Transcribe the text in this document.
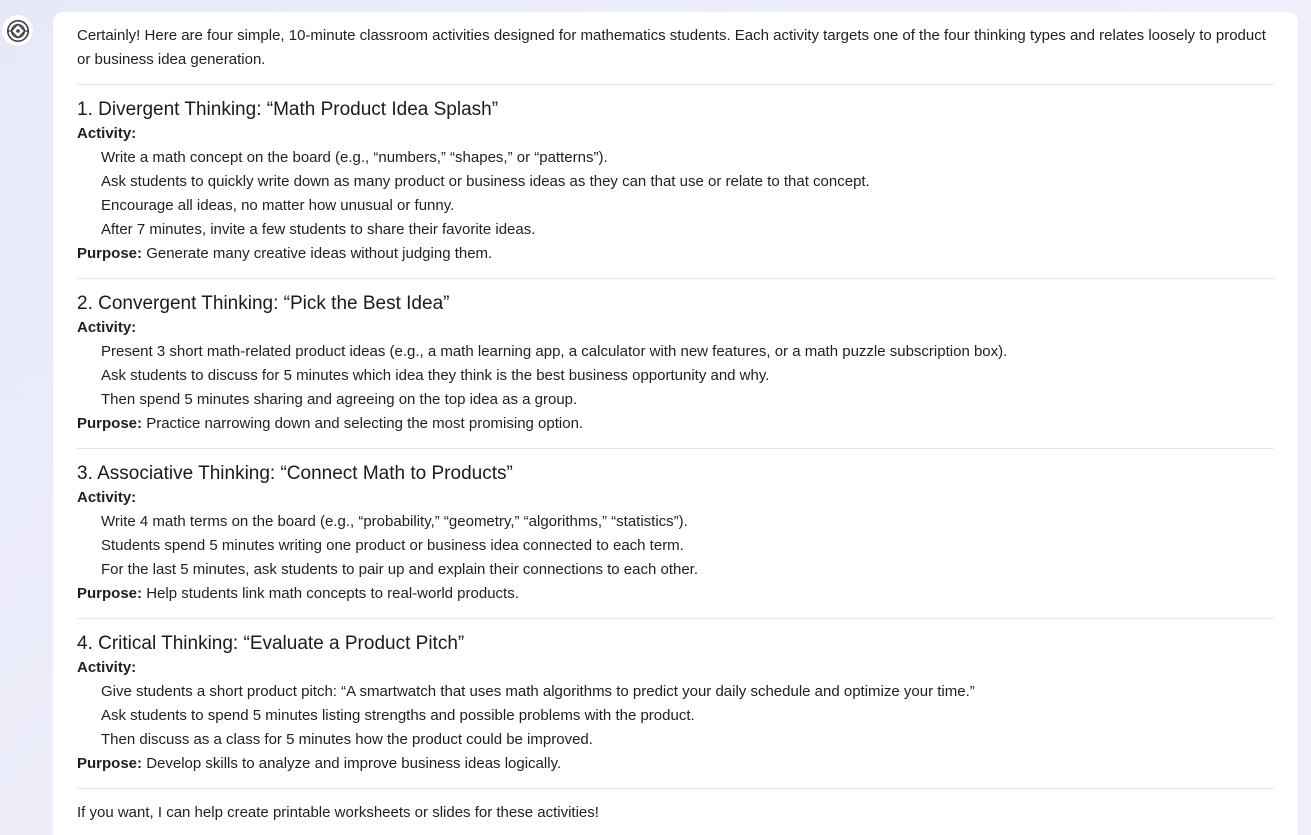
Certainly! Here are four simple, 10-minute classroom activities designed for mathematics students. Each activity targets one of the four thinking types and relates loosely to product or business idea generation.

1. Divergent Thinking: “Math Product Idea Splash”

Activity:

Write a math concept on the board (e.g., “numbers,” “shapes,” or “patterns”).
Ask students to quickly write down as many product or business ideas as they can that use or relate to that concept.
Encourage all ideas, no matter how unusual or funny.
After 7 minutes, invite a few students to share their favorite ideas.

Purpose: Generate many creative ideas without judging them.

2. Convergent Thinking: “Pick the Best Idea”

Activity:

Present 3 short math-related product ideas (e.g., a math learning app, a calculator with new features, or a math puzzle subscription box).
Ask students to discuss for 5 minutes which idea they think is the best business opportunity and why.
Then spend 5 minutes sharing and agreeing on the top idea as a group.

Purpose: Practice narrowing down and selecting the most promising option.

3. Associative Thinking: “Connect Math to Products”

Activity:

Write 4 math terms on the board (e.g., “probability,” “geometry,” “algorithms,” “statistics”).
Students spend 5 minutes writing one product or business idea connected to each term.
For the last 5 minutes, ask students to pair up and explain their connections to each other.

Purpose: Help students link math concepts to real-world products.

4. Critical Thinking: “Evaluate a Product Pitch”

Activity:

Give students a short product pitch: “A smartwatch that uses math algorithms to predict your daily schedule and optimize your time.”
Ask students to spend 5 minutes listing strengths and possible problems with the product.
Then discuss as a class for 5 minutes how the product could be improved.

Purpose: Develop skills to analyze and improve business ideas logically.

If you want, I can help create printable worksheets or slides for these activities!
